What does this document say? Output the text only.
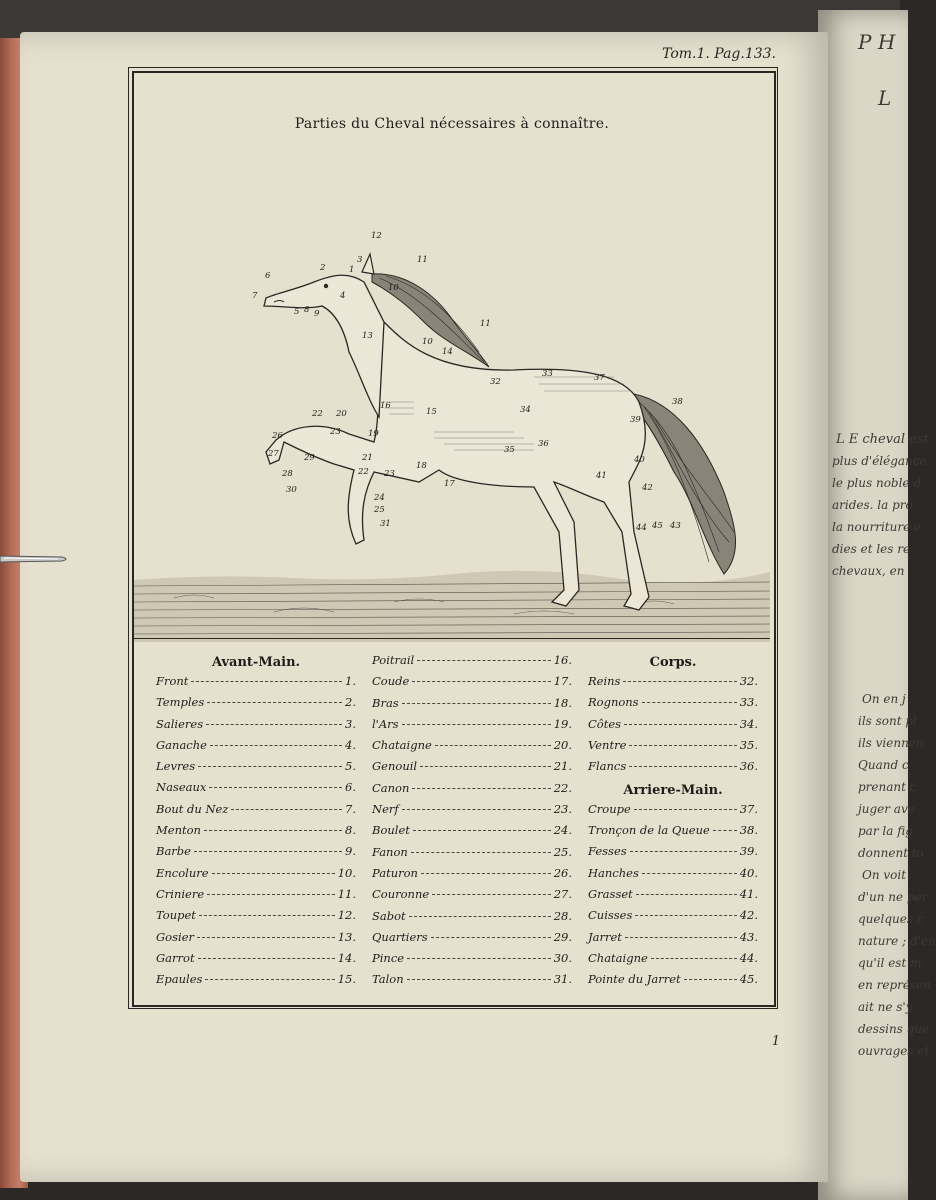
P H
L
L E cheval est
plus d'élégance
le plus noble d
arides. la pro
la nourriture e
dies et les re
chevaux, en
On en j
ils sont pl
ils viennen
Quand c
prenant c
juger ave
par la fig
donnent to
On voit
d'un ne per
quelques c
nature ; d'en
qu'il est m
en représen
ait ne s'y
dessins que
ouvrages et
Tom.1. Pag.133.
Parties du Cheval nécessaires à connaître.
12
3
1
2
4
6
7
5 8 9
10
11
11
13
10
14
16
15
22 20
23	19
26
27	29
28
30
21
22 23
18
17
24
25
31
32
33
34
37
38
39
35
36
40
41
42
44 45 43
Avant-Main.
Front	1.
Temples	2.
Salieres	3.
Ganache	4.
Levres	5.
Naseaux	6.
Bout du Nez	7.
Menton	8.
Barbe	9.
Encolure	10.
Criniere	11.
Toupet	12.
Gosier	13.
Garrot	14.
Epaules	15.
Poitrail	16.
Coude	17.
Bras	18.
l'Ars	19.
Chataigne	20.
Genouil	21.
Canon	22.
Nerf	23.
Boulet	24.
Fanon	25.
Paturon	26.
Couronne	27.
Sabot	28.
Quartiers	29.
Pince	30.
Talon	31.
Corps.
Reins	32.
Rognons	33.
Côtes	34.
Ventre	35.
Flancs	36.
Arriere-Main.
Croupe	37.
Tronçon de la Queue	38.
Fesses	39.
Hanches	40.
Grasset	41.
Cuisses	42.
Jarret	43.
Chataigne	44.
Pointe du Jarret	45.
1
